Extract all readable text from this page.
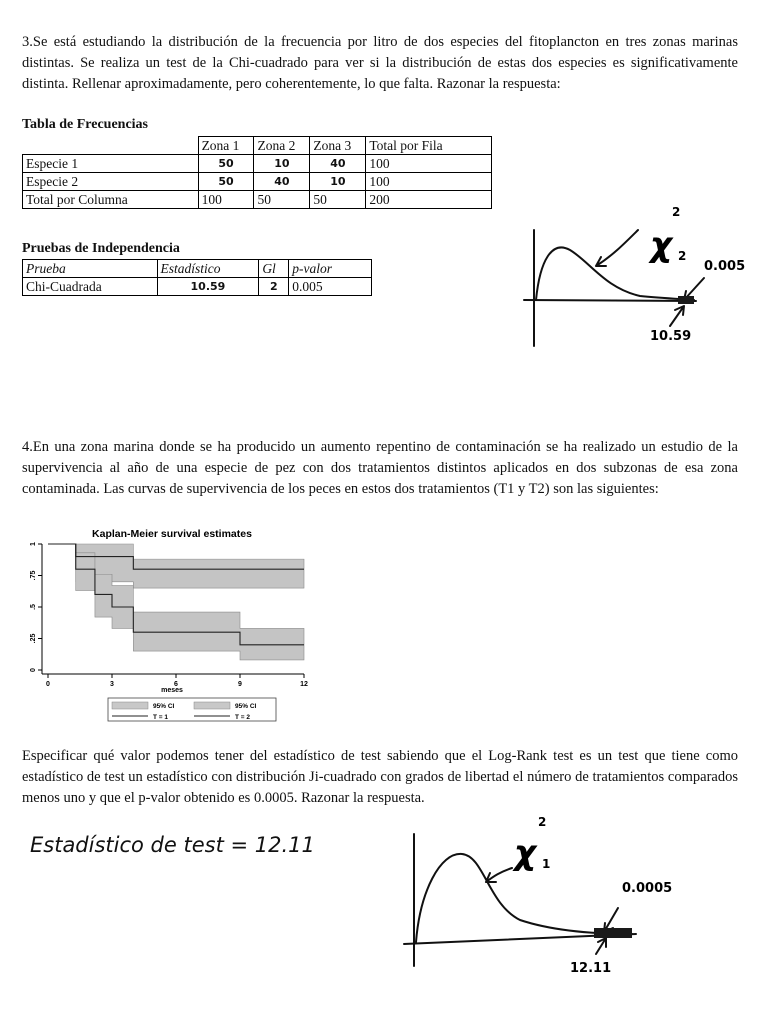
3.Se está estudiando la distribución de la frecuencia por litro de dos especies del fitoplancton en tres zonas marinas distintas. Se realiza un test de la Chi-cuadrado para ver si la distribución de estas dos especies es significativamente distinta. Rellenar aproximadamente, pero coherentemente, lo que falta. Razonar la respuesta:
Tabla de Frecuencias
	Zona 1	Zona 2	Zona 3	Total por Fila
Especie 1	50	10	40	100
Especie 2	50	40	10	100
Total por Columna	100	50	50	200
Pruebas de Independencia
Prueba	Estadístico	Gl	p-valor
Chi-Cuadrada	10.59	2	0.005
χ
2
2
0.005
10.59
4.En una zona marina donde se ha producido un aumento repentino de contaminación se ha realizado un estudio de la supervivencia al año de una especie de pez con dos tratamientos distintos aplicados en dos subzonas de esa zona contaminada. Las curvas de supervivencia de los peces en estos dos tratamientos (T1 y T2) son las siguientes:
Kaplan-Meier survival estimates
0	3	6	9	12
0
.25
.5
.75
1
meses
95% CI
T = 1
95% CI
T = 2
Especificar qué valor podemos tener del estadístico de test sabiendo que el Log-Rank test es un test que tiene como estadístico de test un estadístico con distribución Ji-cuadrado con grados de libertad el número de tratamientos comparados menos uno y que el p-valor obtenido es 0.0005. Razonar la respuesta.
Estadístico de test = 12.11	χ
2
1
0.0005
12.11
